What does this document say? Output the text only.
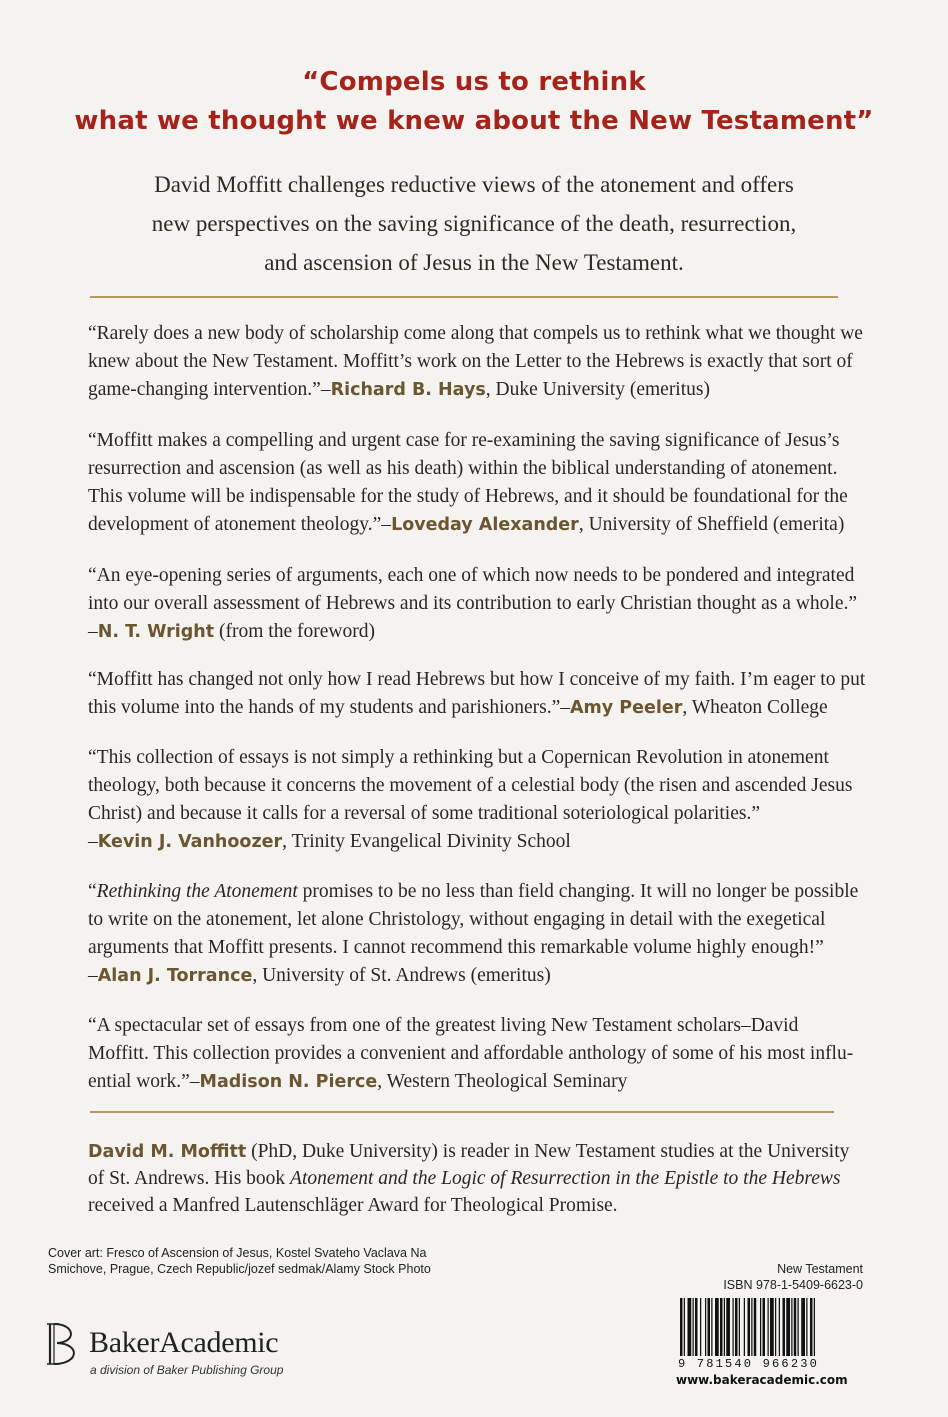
“Compels us to rethink
what we thought we knew about the New Testament”
David Moffitt challenges reductive views of the atonement and offers
new perspectives on the saving significance of the death, resurrection,
and ascension of Jesus in the New Testament.
“Rarely does a new body of scholarship come along that compels us to rethink what we thought we
knew about the New Testament. Moffitt’s work on the Letter to the Hebrews is exactly that sort of
game-changing intervention.”–Richard B. Hays, Duke University (emeritus)
“Moffitt makes a compelling and urgent case for re-examining the saving significance of Jesus’s
resurrection and ascension (as well as his death) within the biblical understanding of atonement.
This volume will be indispensable for the study of Hebrews, and it should be foundational for the
development of atonement theology.”–Loveday Alexander, University of Sheffield (emerita)
“An eye-opening series of arguments, each one of which now needs to be pondered and integrated
into our overall assessment of Hebrews and its contribution to early Christian thought as a whole.”
–N. T. Wright (from the foreword)
“Moffitt has changed not only how I read Hebrews but how I conceive of my faith. I’m eager to put
this volume into the hands of my students and parishioners.”–Amy Peeler, Wheaton College
“This collection of essays is not simply a rethinking but a Copernican Revolution in atonement
theology, both because it concerns the movement of a celestial body (the risen and ascended Jesus
Christ) and because it calls for a reversal of some traditional soteriological polarities.”
–Kevin J. Vanhoozer, Trinity Evangelical Divinity School
“Rethinking the Atonement promises to be no less than field changing. It will no longer be possible
to write on the atonement, let alone Christology, without engaging in detail with the exegetical
arguments that Moffitt presents. I cannot recommend this remarkable volume highly enough!”
–Alan J. Torrance, University of St. Andrews (emeritus)
“A spectacular set of essays from one of the greatest living New Testament scholars–David
Moffitt. This collection provides a convenient and affordable anthology of some of his most influ-
ential work.”–Madison N. Pierce, Western Theological Seminary
David M. Moffitt (PhD, Duke University) is reader in New Testament studies at the University
of St. Andrews. His book Atonement and the Logic of Resurrection in the Epistle to the Hebrews
received a Manfred Lautenschläger Award for Theological Promise.
Cover art: Fresco of Ascension of Jesus, Kostel Svateho Vaclava Na
Smichove, Prague, Czech Republic/jozef sedmak/Alamy Stock Photo	New Testament
ISBN 978-1-5409-6623-0
9 781540 966230
www.bakeracademic.com
BakerAcademic
a division of Baker Publishing Group
